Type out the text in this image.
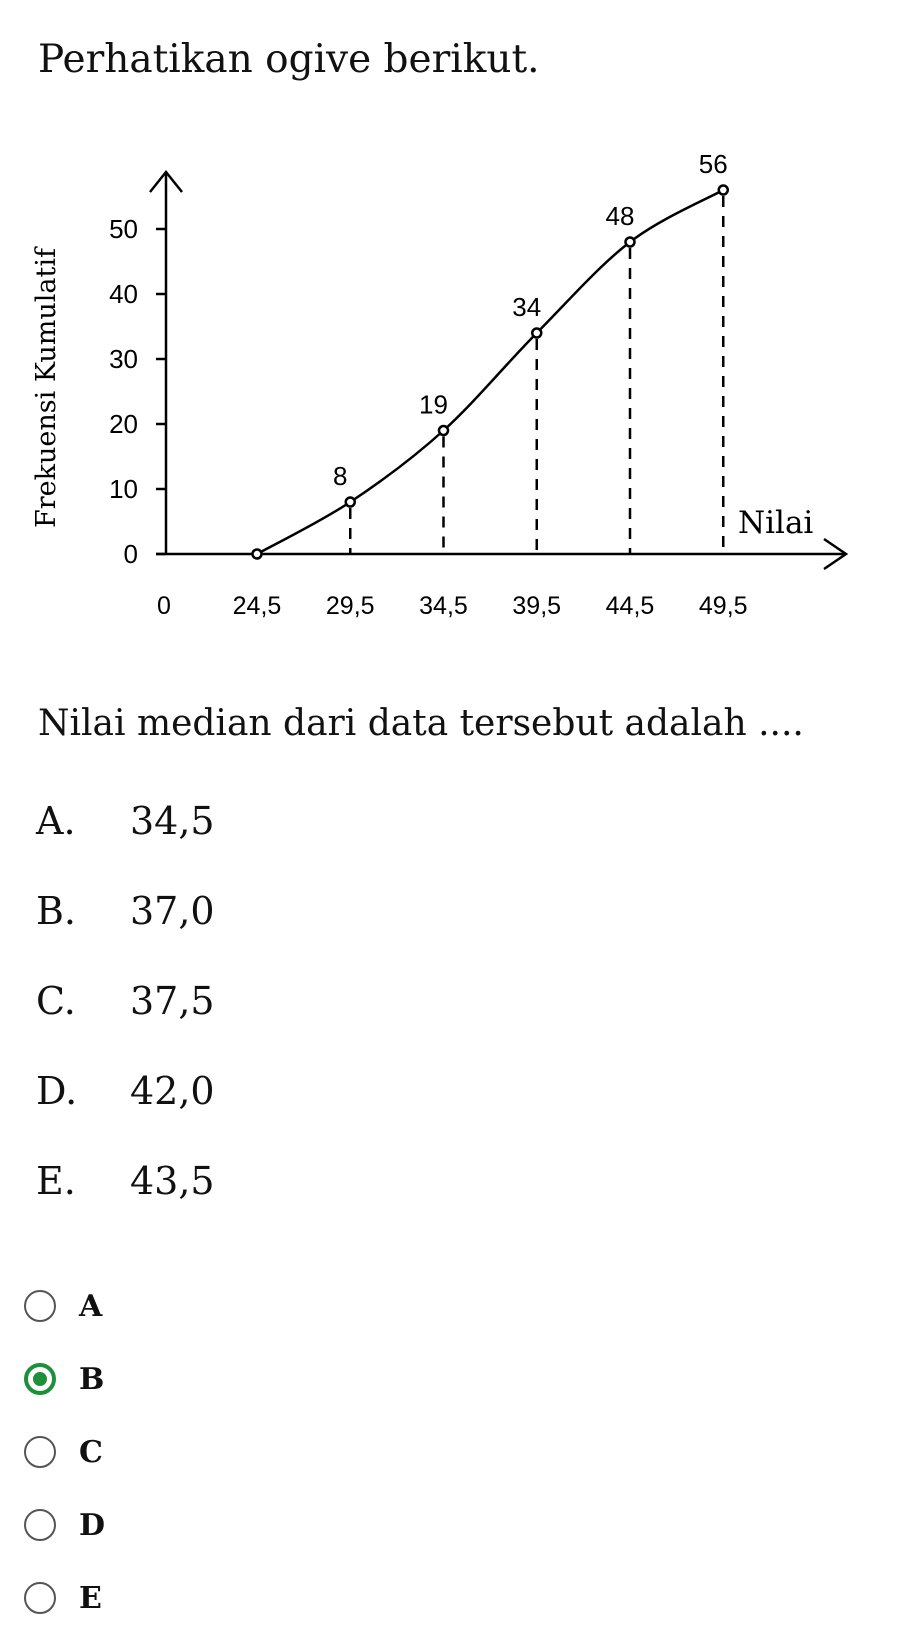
Perhatikan ogive berikut.
Frekuensi Kumulatif	Nilai
0
0
10
20
30
40
50
24,5 29,5 34,5 39,5 44,5 49,5
8
19
34
48
56
Nilai median dari data tersebut adalah ....
A.	34,5
B.	37,0
C.	37,5
D.	42,0
E.	43,5
A
B
C
D
E
